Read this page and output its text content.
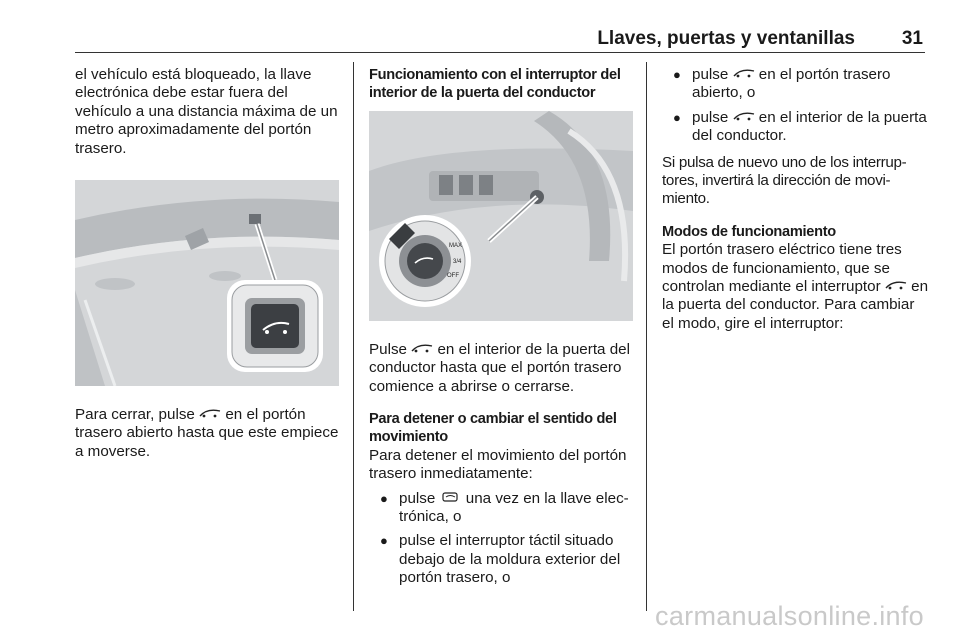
Llaves, puertas y ventanillas 31

el vehículo está bloqueado, la llave electrónica debe estar fuera del vehículo a una distancia máxima de un metro aproximadamente del portón trasero.

Para cerrar, pulse en el portón trasero abierto hasta que este empiece a moverse.

Funcionamiento con el interruptor del interior de la puerta del conductor

MAX
3/4
OFF

Pulse en el interior de la puerta del conductor hasta que el portón trasero comience a abrirse o cerrarse.

Para detener o cambiar el sentido del movimiento

Para detener el movimiento del portón trasero inmediatamente:

● pulse una vez en la llave elec-trónica, o
● pulse el interruptor táctil situado debajo de la moldura exterior del portón trasero, o
● pulse en el portón trasero abierto, o
● pulse en el interior de la puerta del conductor.

Si pulsa de nuevo uno de los interrup-tores, invertirá la dirección de movi-miento.

Modos de funcionamiento

El portón trasero eléctrico tiene tres modos de funcionamiento, que se controlan mediante el interruptor en la puerta del conductor. Para cambiar el modo, gire el interruptor:

carmanualsonline.info
